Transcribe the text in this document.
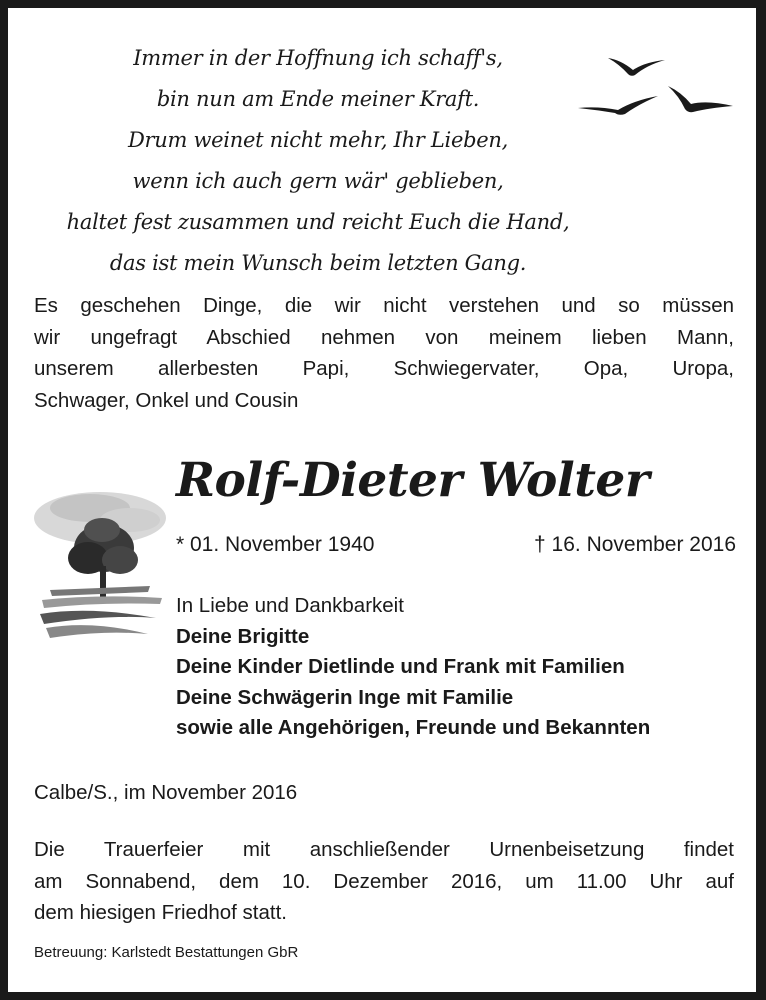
Immer in der Hoffnung ich schaff's,
bin nun am Ende meiner Kraft.
Drum weinet nicht mehr, Ihr Lieben,
wenn ich auch gern wär' geblieben,
haltet fest zusammen und reicht Euch die Hand,
das ist mein Wunsch beim letzten Gang.
Es geschehen Dinge, die wir nicht verstehen und so müssen
wir ungefragt Abschied nehmen von meinem lieben Mann,
unserem allerbesten Papi, Schwiegervater, Opa, Uropa,
Schwager, Onkel und Cousin
Rolf-Dieter Wolter
* 01. November 1940	† 16. November 2016
In Liebe und Dankbarkeit
Deine Brigitte
Deine Kinder Dietlinde und Frank mit Familien
Deine Schwägerin Inge mit Familie
sowie alle Angehörigen, Freunde und Bekannten
Calbe/S., im November 2016
Die Trauerfeier mit anschließender Urnenbeisetzung findet
am Sonnabend, dem 10. Dezember 2016, um 11.00 Uhr auf
dem hiesigen Friedhof statt.
Betreuung: Karlstedt Bestattungen GbR
